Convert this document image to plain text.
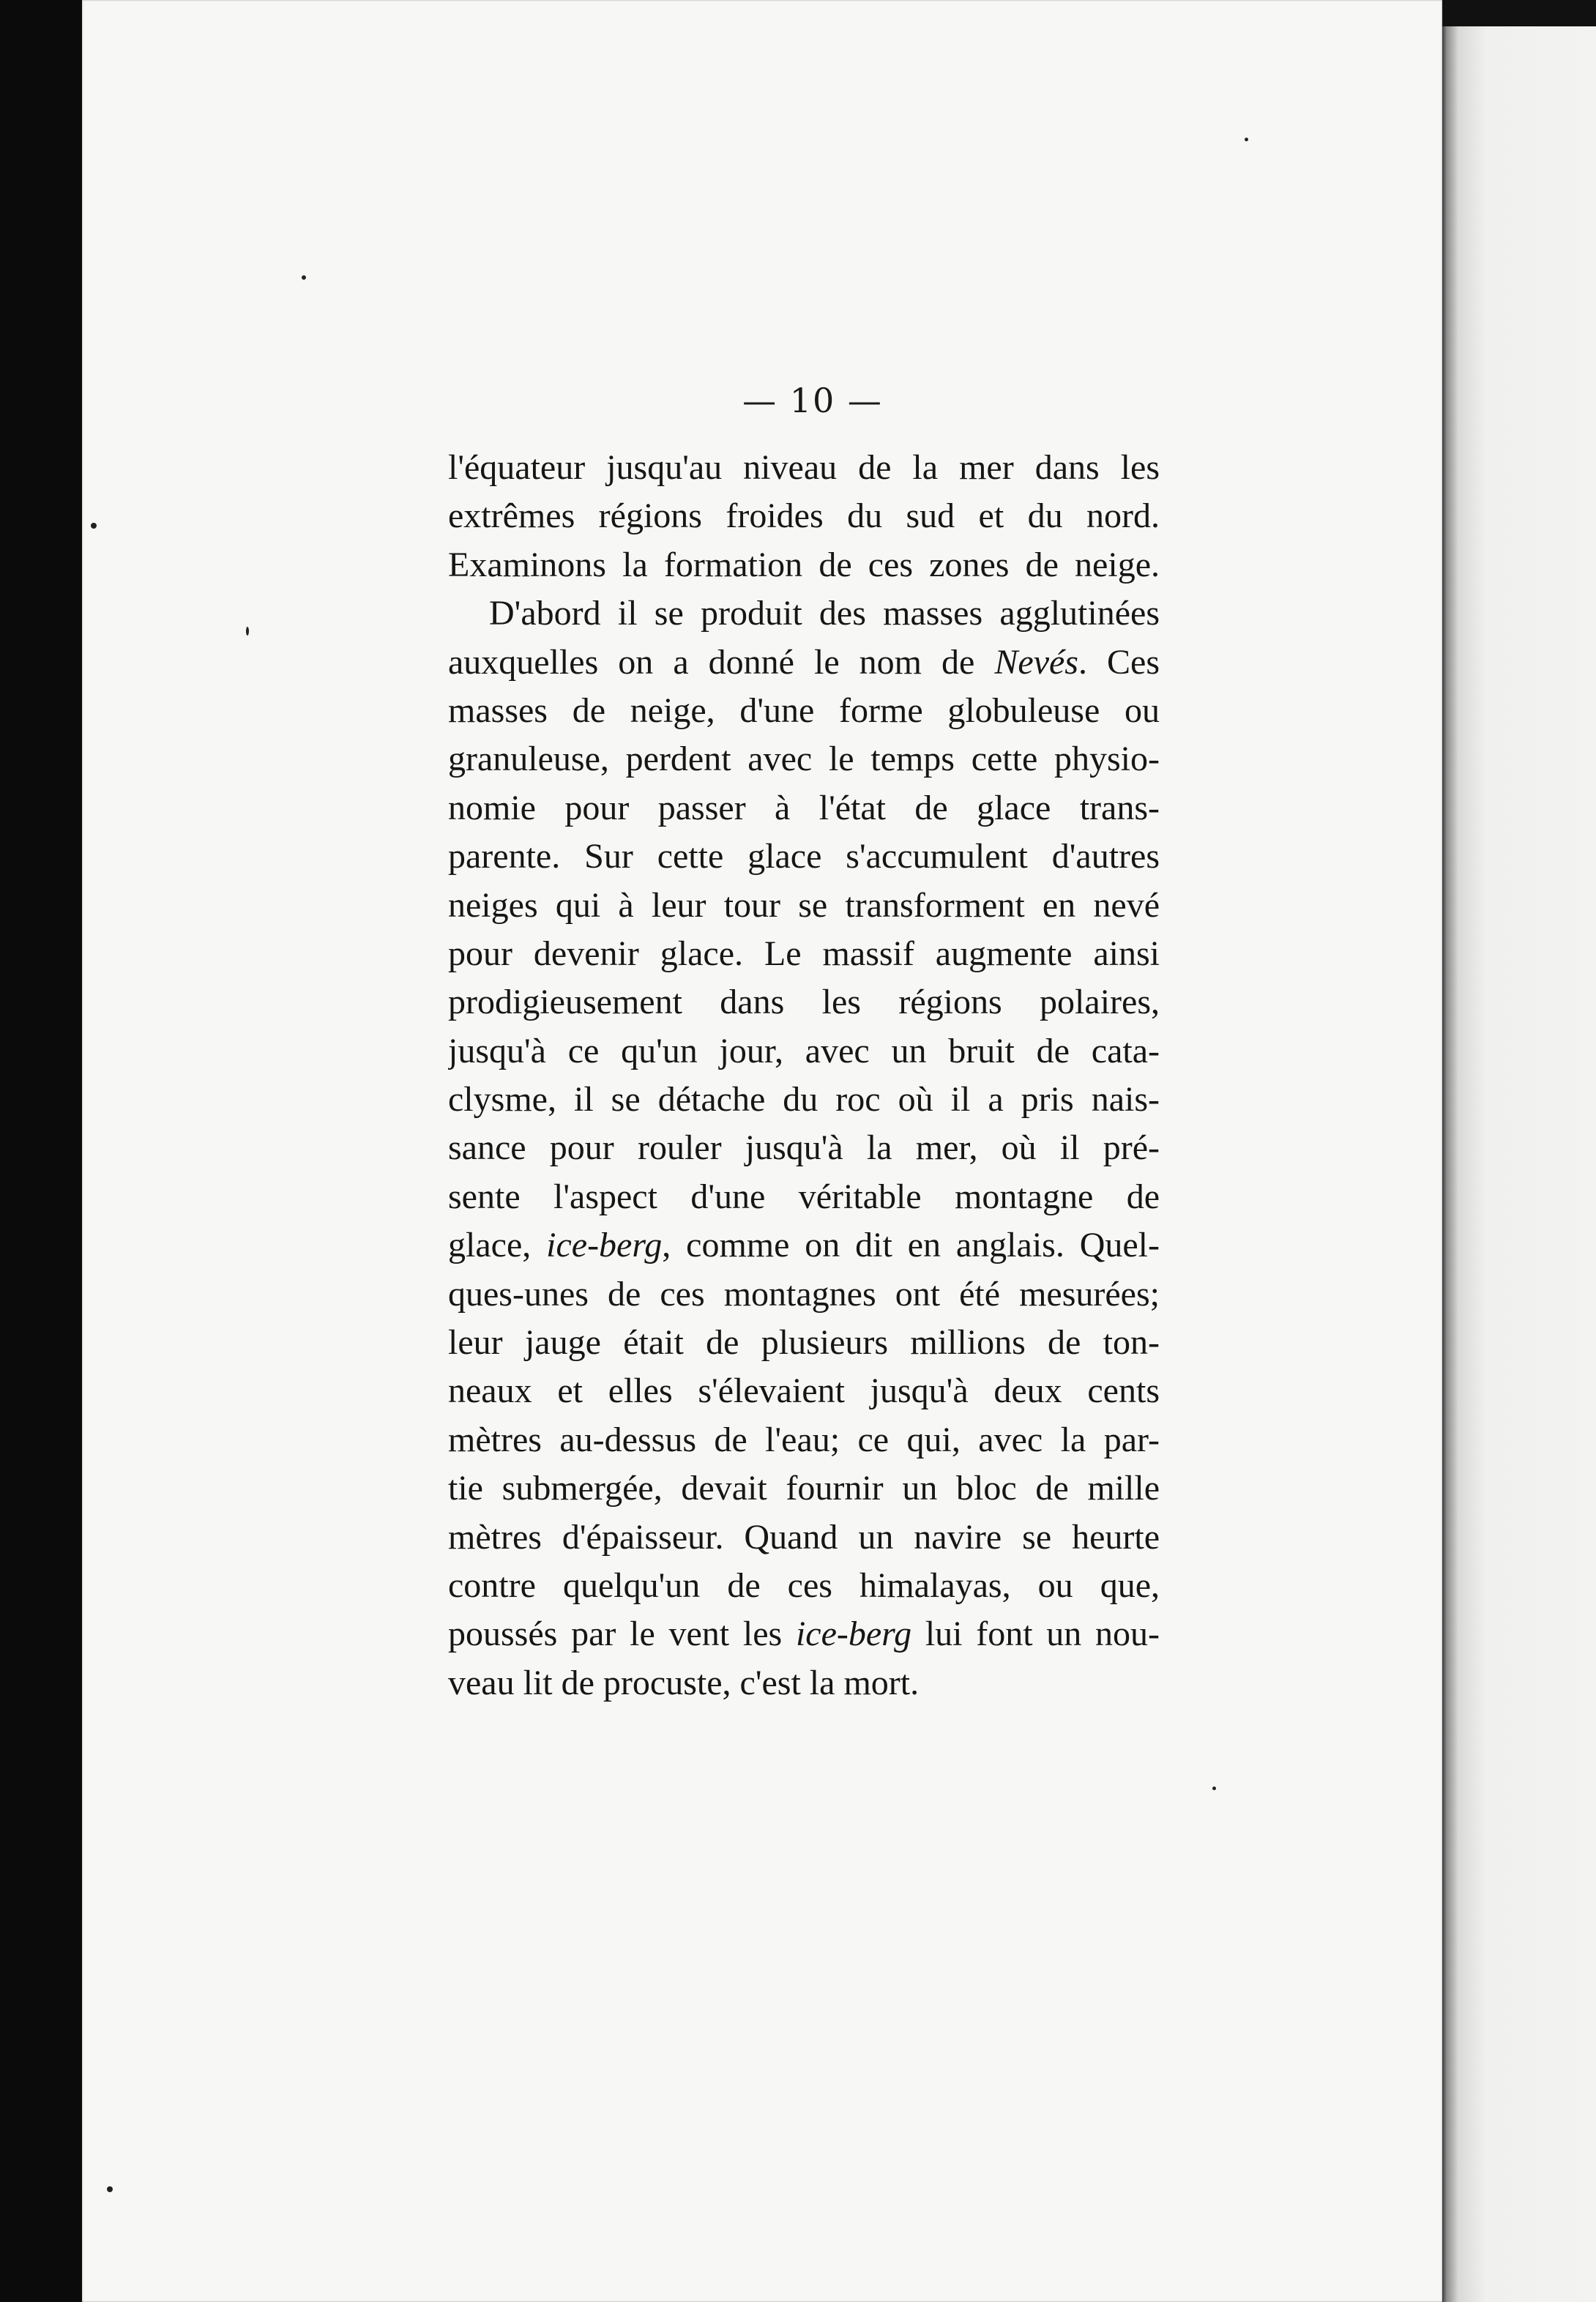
— 10 —
l'équateur jusqu'au niveau de la mer dans les
extrêmes régions froides du sud et du nord.
Examinons la formation de ces zones de neige.
D'abord il se produit des masses agglutinées
auxquelles on a donné le nom de Nevés. Ces
masses de neige, d'une forme globuleuse ou
granuleuse, perdent avec le temps cette physio-
nomie pour passer à l'état de glace trans-
parente. Sur cette glace s'accumulent d'autres
neiges qui à leur tour se transforment en nevé
pour devenir glace. Le massif augmente ainsi
prodigieusement dans les régions polaires,
jusqu'à ce qu'un jour, avec un bruit de cata-
clysme, il se détache du roc où il a pris nais-
sance pour rouler jusqu'à la mer, où il pré-
sente l'aspect d'une véritable montagne de
glace, ice-berg, comme on dit en anglais. Quel-
ques-unes de ces montagnes ont été mesurées;
leur jauge était de plusieurs millions de ton-
neaux et elles s'élevaient jusqu'à deux cents
mètres au-dessus de l'eau; ce qui, avec la par-
tie submergée, devait fournir un bloc de mille
mètres d'épaisseur. Quand un navire se heurte
contre quelqu'un de ces himalayas, ou que,
poussés par le vent les ice-berg lui font un nou-
veau lit de procuste, c'est la mort.
